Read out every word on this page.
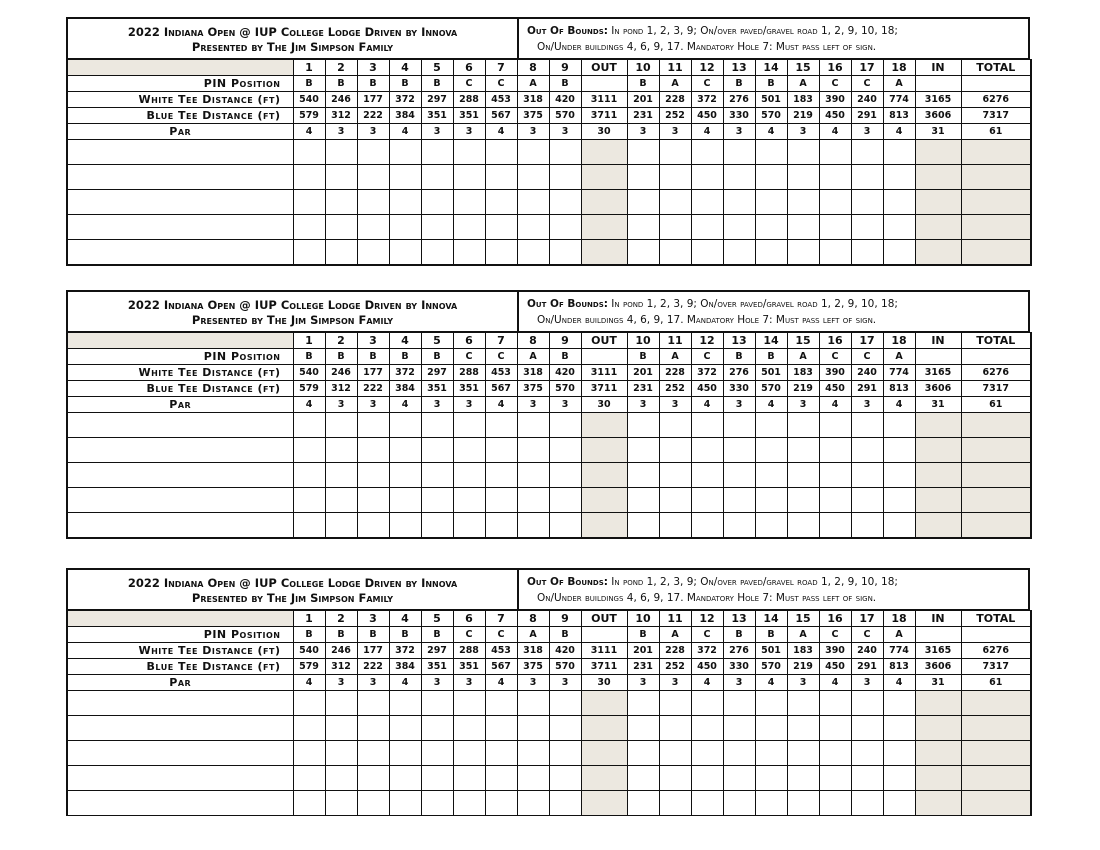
2022 Indiana Open @ IUP College Lodge Driven by Innova
Presented by The Jim Simpson Family
Out Of Bounds: In pond 1, 2, 3, 9; On/over paved/gravel road 1, 2, 9, 10, 18;
On/Under buildings 4, 6, 9, 17. Mandatory Hole 7: Must pass left of sign.
	1	2	3	4	5	6	7	8	9	OUT	10	11	12	13	14	15	16	17	18	IN	TOTAL
PIN Position	B	B	B	B	B	C	C	A	B		B	A	C	B	B	A	C	C	A		
White Tee Distance (ft)	540	246	177	372	297	288	453	318	420	3111	201	228	372	276	501	183	390	240	774	3165	6276
Blue Tee Distance (ft)	579	312	222	384	351	351	567	375	570	3711	231	252	450	330	570	219	450	291	813	3606	7317
Par	4	3	3	4	3	3	4	3	3	30	3	3	4	3	4	3	4	3	4	31	61

2022 Indiana Open @ IUP College Lodge Driven by Innova
Presented by The Jim Simpson Family
Out Of Bounds: In pond 1, 2, 3, 9; On/over paved/gravel road 1, 2, 9, 10, 18;
On/Under buildings 4, 6, 9, 17. Mandatory Hole 7: Must pass left of sign.
	1	2	3	4	5	6	7	8	9	OUT	10	11	12	13	14	15	16	17	18	IN	TOTAL
PIN Position	B	B	B	B	B	C	C	A	B		B	A	C	B	B	A	C	C	A		
White Tee Distance (ft)	540	246	177	372	297	288	453	318	420	3111	201	228	372	276	501	183	390	240	774	3165	6276
Blue Tee Distance (ft)	579	312	222	384	351	351	567	375	570	3711	231	252	450	330	570	219	450	291	813	3606	7317
Par	4	3	3	4	3	3	4	3	3	30	3	3	4	3	4	3	4	3	4	31	61

2022 Indiana Open @ IUP College Lodge Driven by Innova
Presented by The Jim Simpson Family
Out Of Bounds: In pond 1, 2, 3, 9; On/over paved/gravel road 1, 2, 9, 10, 18;
On/Under buildings 4, 6, 9, 17. Mandatory Hole 7: Must pass left of sign.
	1	2	3	4	5	6	7	8	9	OUT	10	11	12	13	14	15	16	17	18	IN	TOTAL
PIN Position	B	B	B	B	B	C	C	A	B		B	A	C	B	B	A	C	C	A		
White Tee Distance (ft)	540	246	177	372	297	288	453	318	420	3111	201	228	372	276	501	183	390	240	774	3165	6276
Blue Tee Distance (ft)	579	312	222	384	351	351	567	375	570	3711	231	252	450	330	570	219	450	291	813	3606	7317
Par	4	3	3	4	3	3	4	3	3	30	3	3	4	3	4	3	4	3	4	31	61
